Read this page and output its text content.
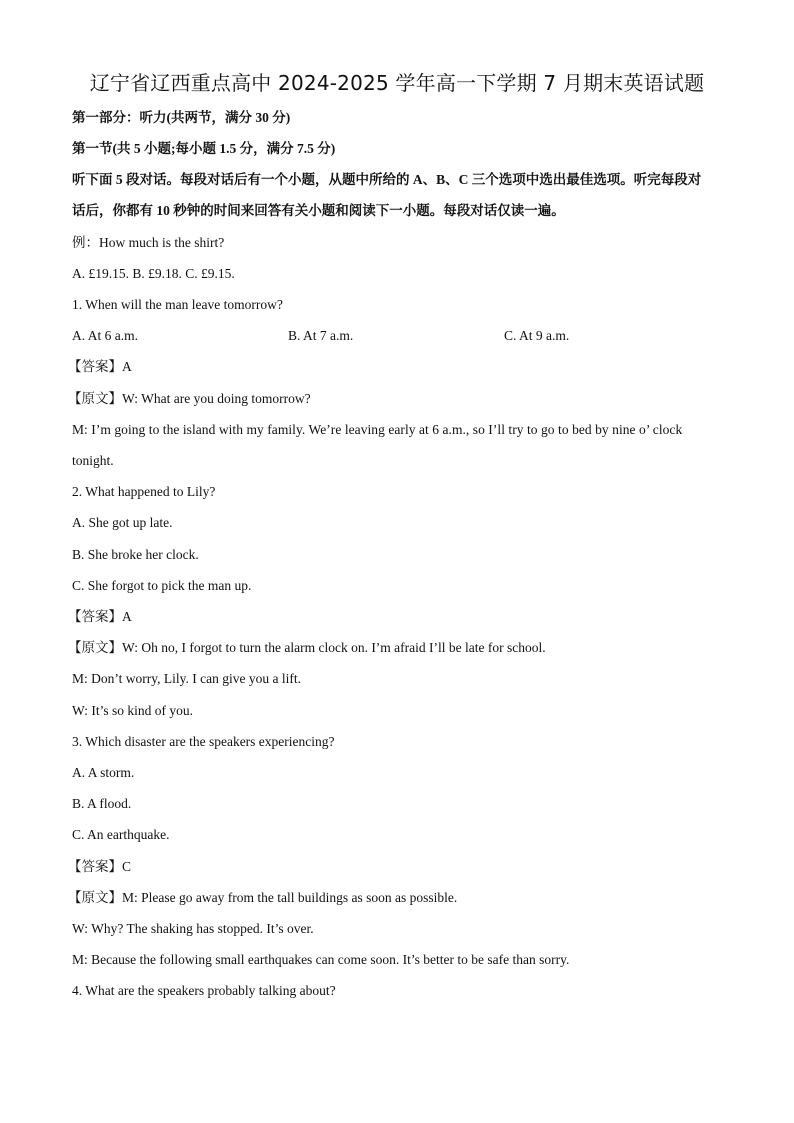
辽宁省辽西重点高中 2024-2025 学年高一下学期 7 月期末英语试题
第一部分：听力(共两节，满分 30 分)
第一节(共 5 小题;每小题 1.5 分，满分 7.5 分)
听下面 5 段对话。每段对话后有一个小题，从题中所给的 A、B、C 三个选项中选出最佳选项。听完每段对
话后，你都有 10 秒钟的时间来回答有关小题和阅读下一小题。每段对话仅读一遍。
例：How much is the shirt?
A. £19.15. B. £9.18. C. £9.15.
1. When will the man leave tomorrow?
A. At 6 a.m.	B. At 7 a.m.	C. At 9 a.m.
【答案】A
【原文】W: What are you doing tomorrow?
M: I’m going to the island with my family. We’re leaving early at 6 a.m., so I’ll try to go to bed by nine o’ clock
tonight.
2. What happened to Lily?
A. She got up late.
B. She broke her clock.
C. She forgot to pick the man up.
【答案】A
【原文】W: Oh no, I forgot to turn the alarm clock on. I’m afraid I’ll be late for school.
M: Don’t worry, Lily. I can give you a lift.
W: It’s so kind of you.
3. Which disaster are the speakers experiencing?
A. A storm.
B. A flood.
C. An earthquake.
【答案】C
【原文】M: Please go away from the tall buildings as soon as possible.
W: Why? The shaking has stopped. It’s over.
M: Because the following small earthquakes can come soon. It’s better to be safe than sorry.
4. What are the speakers probably talking about?
